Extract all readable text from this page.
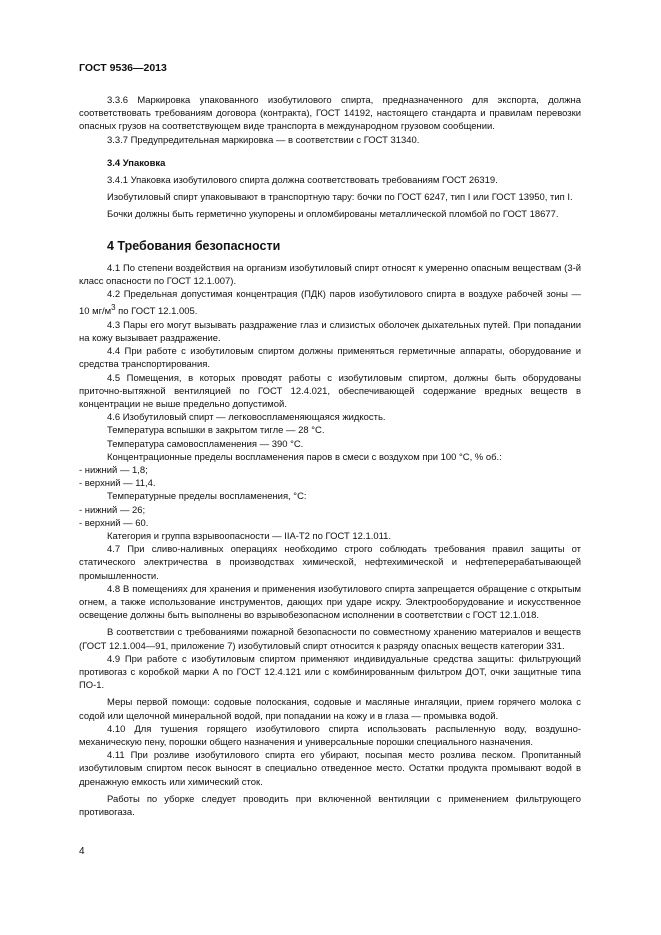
ГОСТ 9536—2013

3.3.6 Маркировка упакованного изобутилового спирта, предназначенного для экспорта, должна соответствовать требованиям договора (контракта), ГОСТ 14192, настоящего стандарта и правилам перевозки опасных грузов на соответствующем виде транспорта в международном грузовом сообщении.

3.3.7 Предупредительная маркировка — в соответствии с ГОСТ 31340.

3.4 Упаковка

3.4.1 Упаковка изобутилового спирта должна соответствовать требованиям ГОСТ 26319.

Изобутиловый спирт упаковывают в транспортную тару: бочки по ГОСТ 6247, тип I или ГОСТ 13950, тип I.

Бочки должны быть герметично укупорены и опломбированы металлической пломбой по ГОСТ 18677.

4 Требования безопасности

4.1 По степени воздействия на организм изобутиловый спирт относят к умеренно опасным веществам (3-й класс опасности по ГОСТ 12.1.007).

4.2 Предельная допустимая концентрация (ПДК) паров изобутилового спирта в воздухе рабочей зоны — 10 $мг/м^3$ по ГОСТ 12.1.005.

4.3 Пары его могут вызывать раздражение глаз и слизистых оболочек дыхательных путей. При попадании на кожу вызывает раздражение.

4.4 При работе с изобутиловым спиртом должны применяться герметичные аппараты, оборудование и средства транспортирования.

4.5 Помещения, в которых проводят работы с изобутиловым спиртом, должны быть оборудованы приточно-вытяжной вентиляцией по ГОСТ 12.4.021, обеспечивающей содержание вредных веществ в концентрации не выше предельно допустимой.

4.6 Изобутиловый спирт — легковоспламеняющаяся жидкость.

Температура вспышки в закрытом тигле — 28 °С.

Температура самовоспламенения — 390 °С.

Концентрационные пределы воспламенения паров в смеси с воздухом при 100 °С, % об.:

- нижний — 1,8;

- верхний — 11,4.

Температурные пределы воспламенения, °С:

- нижний — 26;

- верхний — 60.

Категория и группа взрывоопасности — IIA-T2 по ГОСТ 12.1.011.

4.7 При сливо-наливных операциях необходимо строго соблюдать требования правил защиты от статического электричества в производствах химической, нефтехимической и нефтеперерабатывающей промышленности.

4.8 В помещениях для хранения и применения изобутилового спирта запрещается обращение с открытым огнем, а также использование инструментов, дающих при ударе искру. Электрооборудование и искусственное освещение должны быть выполнены во взрывобезопасном исполнении в соответствии с ГОСТ 12.1.018.

В соответствии с требованиями пожарной безопасности по совместному хранению материалов и веществ (ГОСТ 12.1.004—91, приложение 7) изобутиловый спирт относится к разряду опасных веществ категории 331.

4.9 При работе с изобутиловым спиртом применяют индивидуальные средства защиты: фильтрующий противогаз с коробкой марки А по ГОСТ 12.4.121 или с комбинированным фильтром ДОТ, очки защитные типа ПО-1.

Меры первой помощи: содовые полоскания, содовые и масляные ингаляции, прием горячего молока с содой или щелочной минеральной водой, при попадании на кожу и в глаза — промывка водой.

4.10 Для тушения горящего изобутилового спирта использовать распыленную воду, воздушно-механическую пену, порошки общего назначения и универсальные порошки специального назначения.

4.11 При розливе изобутилового спирта его убирают, посыпая место розлива песком. Пропитанный изобутиловым спиртом песок выносят в специально отведенное место. Остатки продукта промывают водой в дренажную емкость или химический сток.

Работы по уборке следует проводить при включенной вентиляции с применением фильтрующего противогаза.

4
